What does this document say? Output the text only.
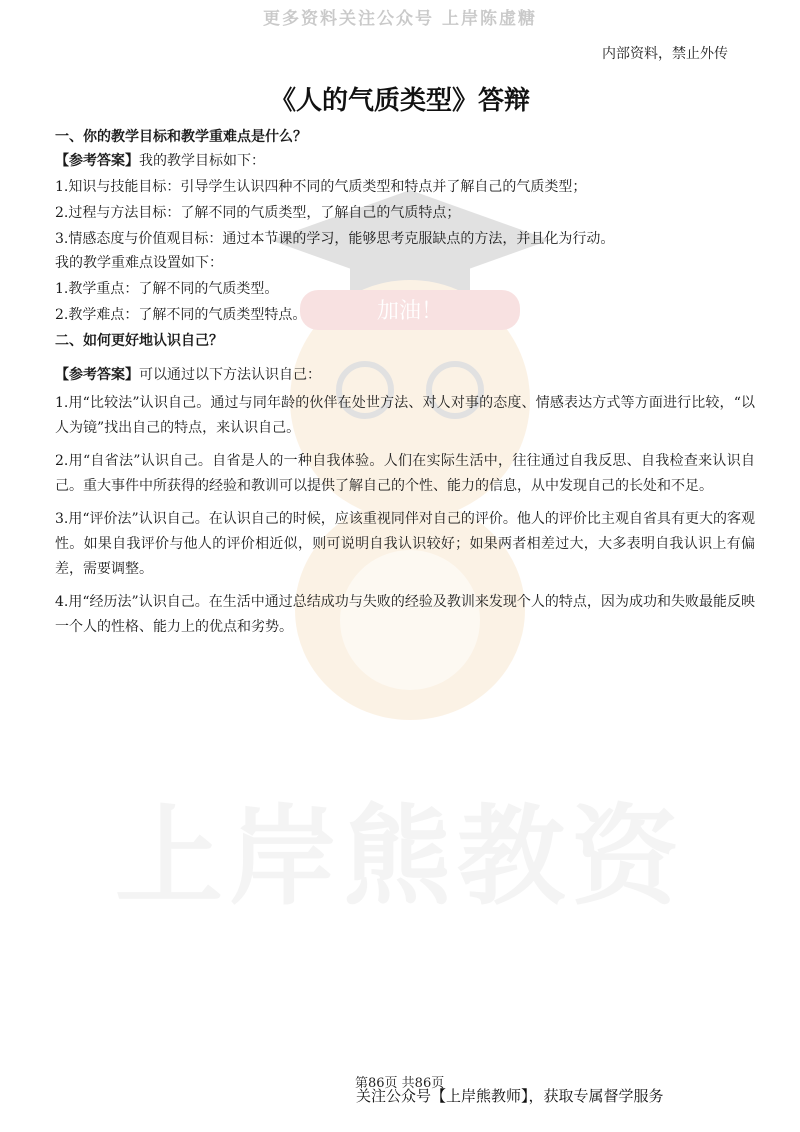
更多资料关注公众号 上岸陈虚糖
加油！
上岸熊教资
内部资料，禁止外传
《人的气质类型》答辩
一、你的教学目标和教学重难点是什么？
【参考答案】我的教学目标如下：
1.知识与技能目标：引导学生认识四种不同的气质类型和特点并了解自己的气质类型；
2.过程与方法目标：了解不同的气质类型，了解自己的气质特点；
3.情感态度与价值观目标：通过本节课的学习，能够思考克服缺点的方法，并且化为行动。
我的教学重难点设置如下：
1.教学重点：了解不同的气质类型。
2.教学难点：了解不同的气质类型特点。
二、如何更好地认识自己？
【参考答案】可以通过以下方法认识自己：
1.用“比较法”认识自己。通过与同年龄的伙伴在处世方法、对人对事的态度、情感表达方式等方面进行比较，“以人为镜”找出自己的特点，来认识自己。
2.用“自省法”认识自己。自省是人的一种自我体验。人们在实际生活中，往往通过自我反思、自我检查来认识自己。重大事件中所获得的经验和教训可以提供了解自己的个性、能力的信息，从中发现自己的长处和不足。
3.用“评价法”认识自己。在认识自己的时候，应该重视同伴对自己的评价。他人的评价比主观自省具有更大的客观性。如果自我评价与他人的评价相近似，则可说明自我认识较好；如果两者相差过大，大多表明自我认识上有偏差，需要调整。
4.用“经历法”认识自己。在生活中通过总结成功与失败的经验及教训来发现个人的特点，因为成功和失败最能反映一个人的性格、能力上的优点和劣势。
第86页 共86页
关注公众号【上岸熊教师】，获取专属督学服务
